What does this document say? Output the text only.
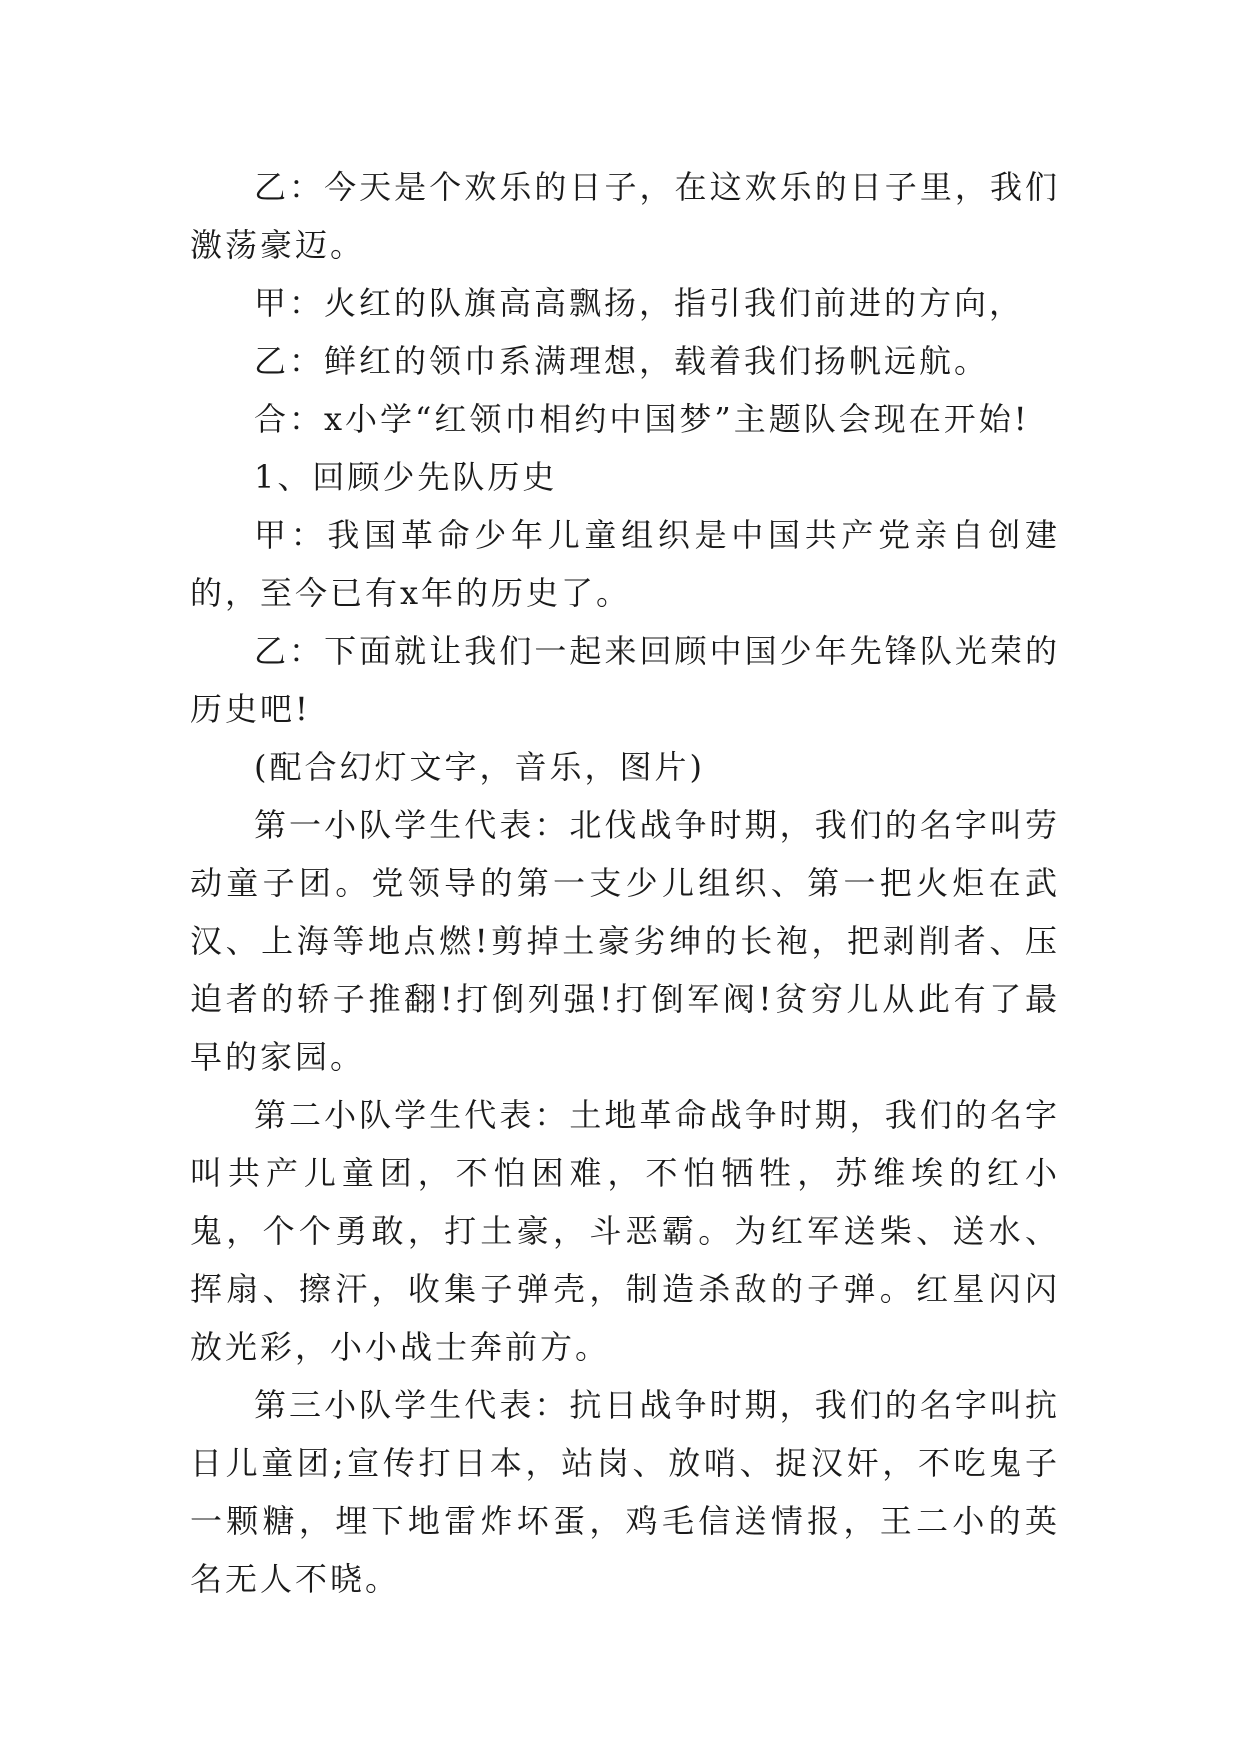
乙：今天是个欢乐的日子，在这欢乐的日子里，我们激荡豪迈。

甲：火红的队旗高高飘扬，指引我们前进的方向，

乙：鲜红的领巾系满理想，载着我们扬帆远航。

合：x小学“红领巾相约中国梦”主题队会现在开始!

1、回顾少先队历史

甲：我国革命少年儿童组织是中国共产党亲自创建的，至今已有x年的历史了。

乙：下面就让我们一起来回顾中国少年先锋队光荣的历史吧!

(配合幻灯文字，音乐，图片)

第一小队学生代表：北伐战争时期，我们的名字叫劳动童子团。党领导的第一支少儿组织、第一把火炬在武汉、上海等地点燃!剪掉土豪劣绅的长袍，把剥削者、压迫者的轿子推翻!打倒列强!打倒军阀!贫穷儿从此有了最早的家园。

第二小队学生代表：土地革命战争时期，我们的名字叫共产儿童团，不怕困难，不怕牺牲，苏维埃的红小鬼，个个勇敢，打土豪，斗恶霸。为红军送柴、送水、挥扇、擦汗，收集子弹壳，制造杀敌的子弹。红星闪闪放光彩，小小战士奔前方。

第三小队学生代表：抗日战争时期，我们的名字叫抗日儿童团;宣传打日本，站岗、放哨、捉汉奸，不吃鬼子一颗糖，埋下地雷炸坏蛋，鸡毛信送情报，王二小的英名无人不晓。
